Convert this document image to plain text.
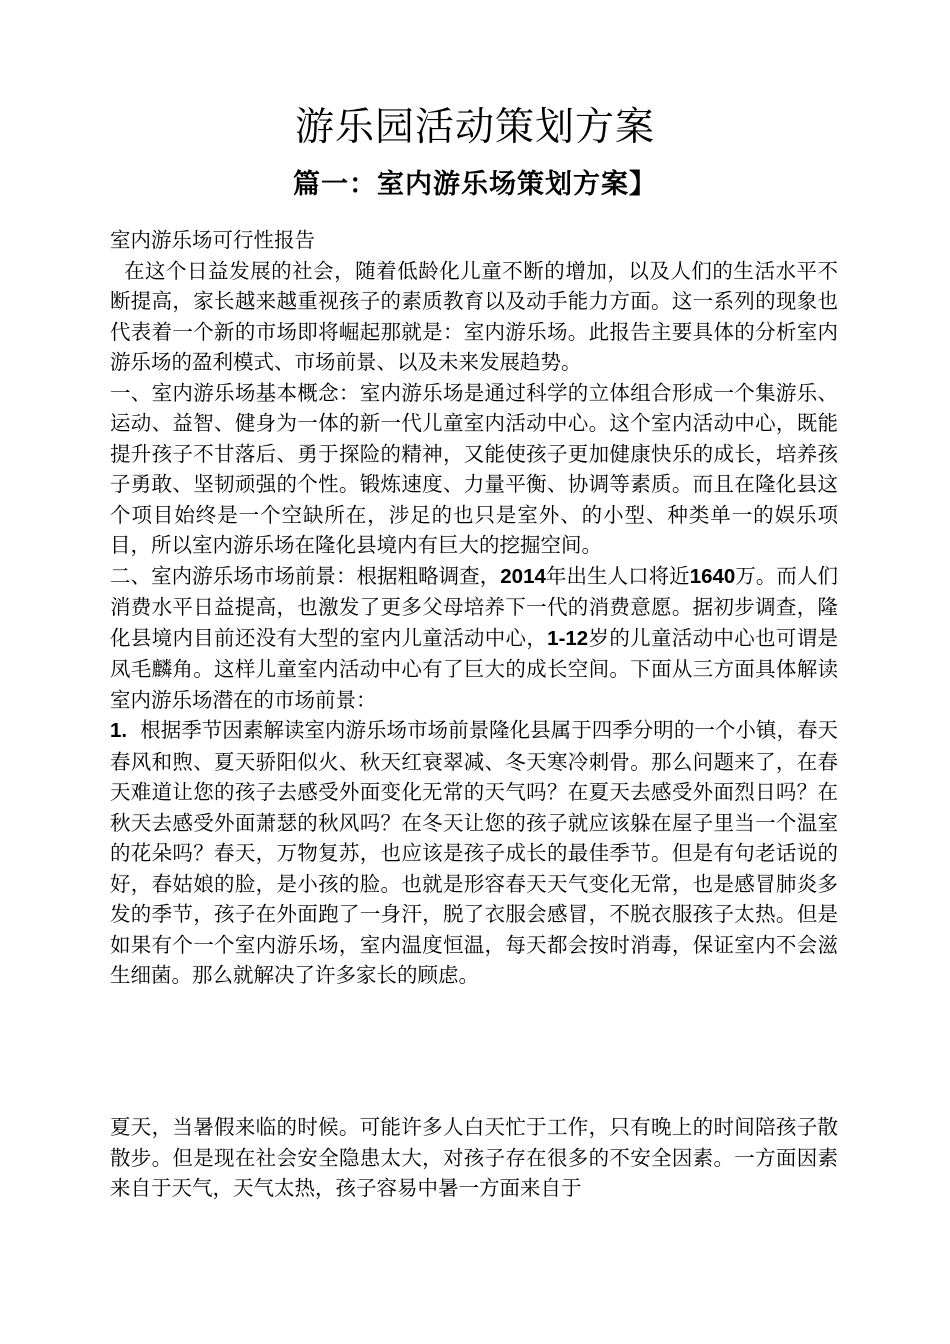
游乐园活动策划方案
篇一：室内游乐场策划方案】

室内游乐场可行性报告

在这个日益发展的社会，随着低龄化儿童不断的增加，以及人们的生活水平不断提高，家长越来越重视孩子的素质教育以及动手能力方面。这一系列的现象也代表着一个新的市场即将崛起那就是：室内游乐场。此报告主要具体的分析室内游乐场的盈利模式、市场前景、以及未来发展趋势。

一、室内游乐场基本概念：室内游乐场是通过科学的立体组合形成一个集游乐、运动、益智、健身为一体的新一代儿童室内活动中心。这个室内活动中心，既能提升孩子不甘落后、勇于探险的精神，又能使孩子更加健康快乐的成长，培养孩子勇敢、坚韧顽强的个性。锻炼速度、力量平衡、协调等素质。而且在隆化县这个项目始终是一个空缺所在，涉足的也只是室外、的小型、种类单一的娱乐项目，所以室内游乐场在隆化县境内有巨大的挖掘空间。

二、室内游乐场市场前景：根据粗略调查，2014年出生人口将近1640万。而人们消费水平日益提高，也激发了更多父母培养下一代的消费意愿。据初步调查，隆化县境内目前还没有大型的室内儿童活动中心，1-12岁的儿童活动中心也可谓是凤毛麟角。这样儿童室内活动中心有了巨大的成长空间。下面从三方面具体解读室内游乐场潜在的市场前景：

1. 根据季节因素解读室内游乐场市场前景隆化县属于四季分明的一个小镇，春天春风和煦、夏天骄阳似火、秋天红衰翠减、冬天寒冷刺骨。那么问题来了，在春天难道让您的孩子去感受外面变化无常的天气吗？在夏天去感受外面烈日吗？在秋天去感受外面萧瑟的秋风吗？在冬天让您的孩子就应该躲在屋子里当一个温室的花朵吗？春天，万物复苏，也应该是孩子成长的最佳季节。但是有句老话说的好，春姑娘的脸，是小孩的脸。也就是形容春天天气变化无常，也是感冒肺炎多发的季节，孩子在外面跑了一身汗，脱了衣服会感冒，不脱衣服孩子太热。但是如果有个一个室内游乐场，室内温度恒温，每天都会按时消毒，保证室内不会滋生细菌。那么就解决了许多家长的顾虑。

夏天，当暑假来临的时候。可能许多人白天忙于工作，只有晚上的时间陪孩子散散步。但是现在社会安全隐患太大，对孩子存在很多的不安全因素。一方面因素来自于天气，天气太热，孩子容易中暑一方面来自于
